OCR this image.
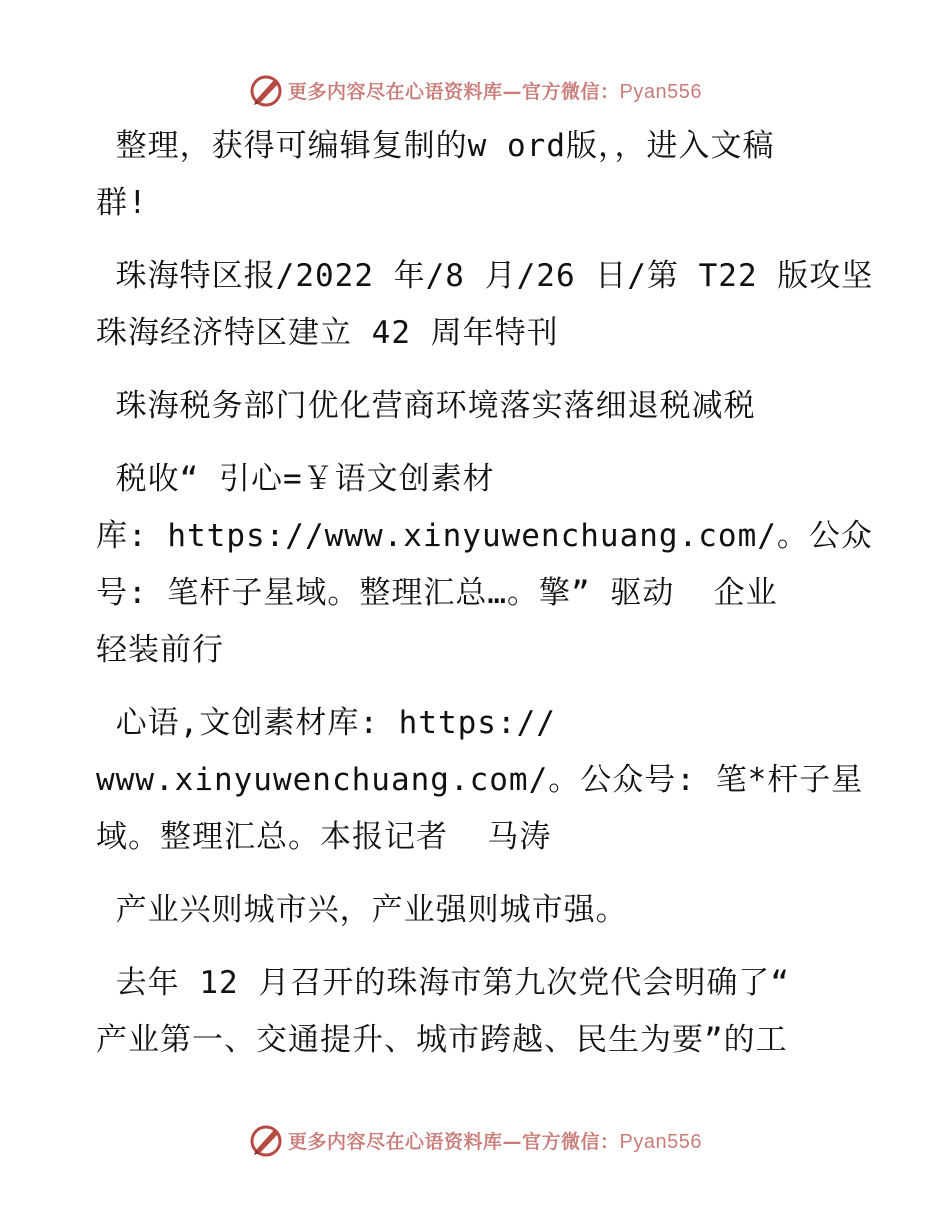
更多内容尽在心语资料库—官方微信：Pyan556
整理，获得可编辑复制的w ord版，，进入文稿
群!
珠海特区报/2022 年/8 月/26 日/第 T22 版攻坚
珠海经济特区建立 42 周年特刊
珠海税务部门优化营商环境落实落细退税减税
税收“ 引心=￥语文创素材
库: https://www.xinyuwenchuang.com/。公众
号: 笔杆子星域。整理汇总…。擎” 驱动  企业
轻装前行
心语,文创素材库: https://
www.xinyuwenchuang.com/。公众号: 笔*杆子星
域。整理汇总。本报记者  马涛
产业兴则城市兴，产业强则城市强。
去年 12 月召开的珠海市第九次党代会明确了“
产业第一、交通提升、城市跨越、民生为要”的工
更多内容尽在心语资料库—官方微信：Pyan556
